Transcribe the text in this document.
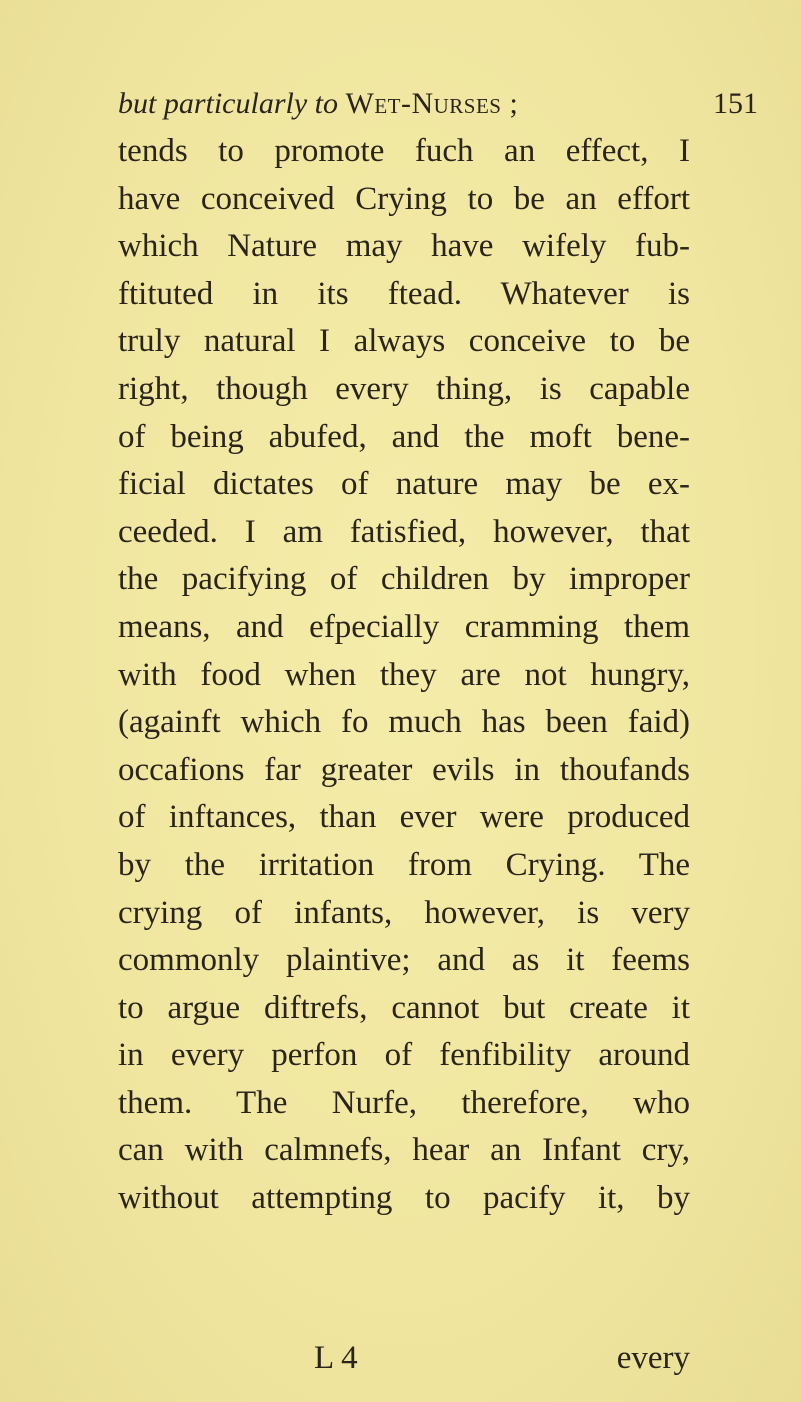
but particularly to Wet-Nurses ;	151
tends to promote fuch an effect, I
have conceived Crying to be an effort
which Nature may have wifely fub-
ftituted in its ftead. Whatever is
truly natural I always conceive to be
right, though every thing, is capable
of being abufed, and the moft bene-
ficial dictates of nature may be ex-
ceeded. I am fatisfied, however, that
the pacifying of children by improper
means, and efpecially cramming them
with food when they are not hungry,
(againft which fo much has been faid)
occafions far greater evils in thoufands
of inftances, than ever were produced
by the irritation from Crying. The
crying of infants, however, is very
commonly plaintive; and as it feems
to argue diftrefs, cannot but create it
in every perfon of fenfibility around
them. The Nurfe, therefore, who
can with calmnefs, hear an Infant cry,
without attempting to pacify it, by
L 4	every
